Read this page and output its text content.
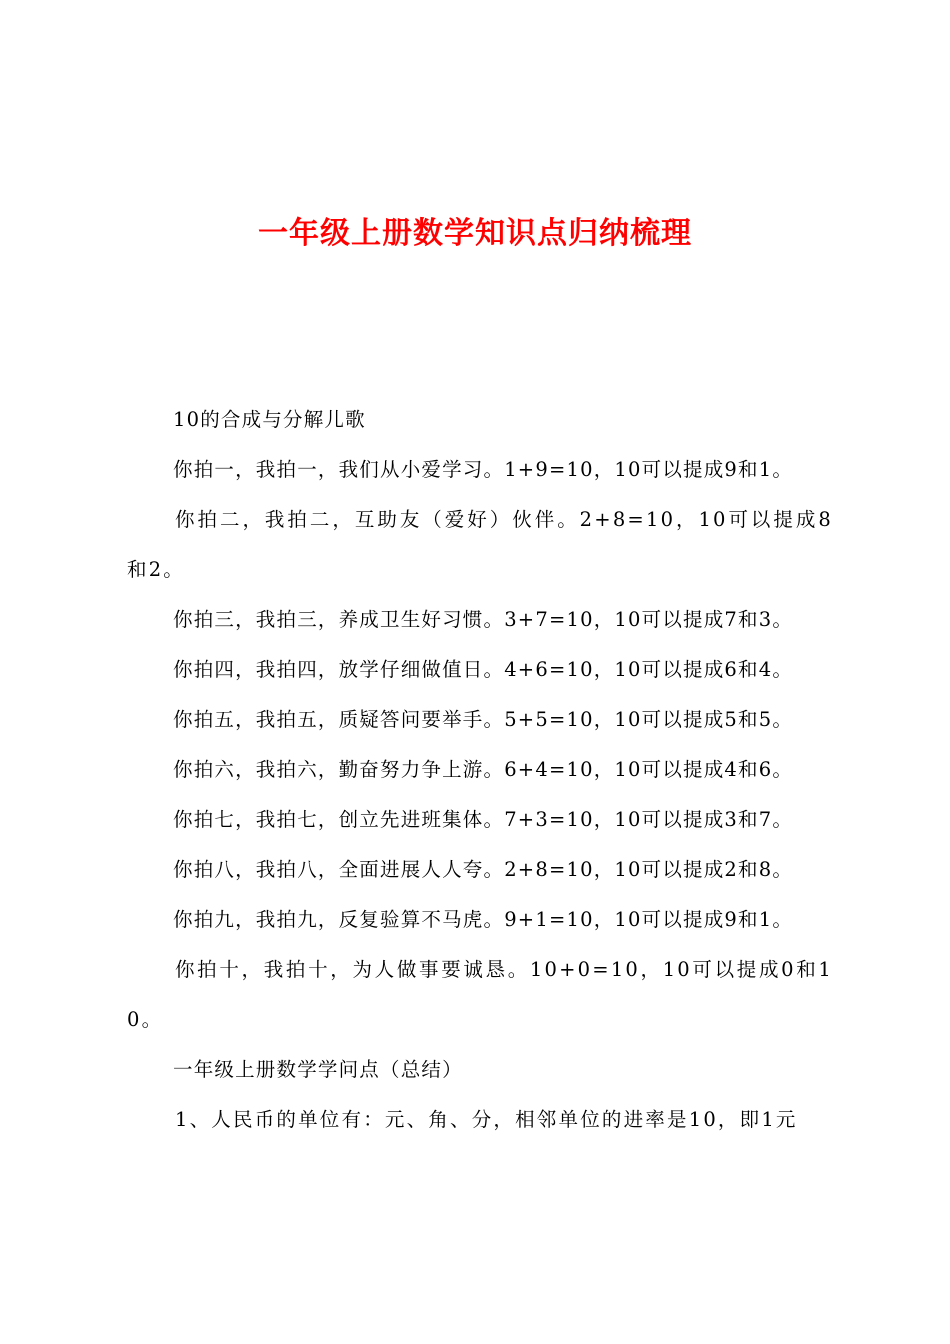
一年级上册数学知识点归纳梳理

10的合成与分解儿歌

你拍一，我拍一，我们从小爱学习。1+9=10，10可以提成9和1。

你拍二，我拍二，互助友（爱好）伙伴。2+8=10，10可以提成8和2。

你拍三，我拍三，养成卫生好习惯。3+7=10，10可以提成7和3。

你拍四，我拍四，放学仔细做值日。4+6=10，10可以提成6和4。

你拍五，我拍五，质疑答问要举手。5+5=10，10可以提成5和5。

你拍六，我拍六，勤奋努力争上游。6+4=10，10可以提成4和6。

你拍七，我拍七，创立先进班集体。7+3=10，10可以提成3和7。

你拍八，我拍八，全面进展人人夸。2+8=10，10可以提成2和8。

你拍九，我拍九，反复验算不马虎。9+1=10，10可以提成9和1。

你拍十，我拍十，为人做事要诚恳。10+0=10，10可以提成0和10。

一年级上册数学学问点（总结）

1、人民币的单位有：元、角、分，相邻单位的进率是10，即1元
